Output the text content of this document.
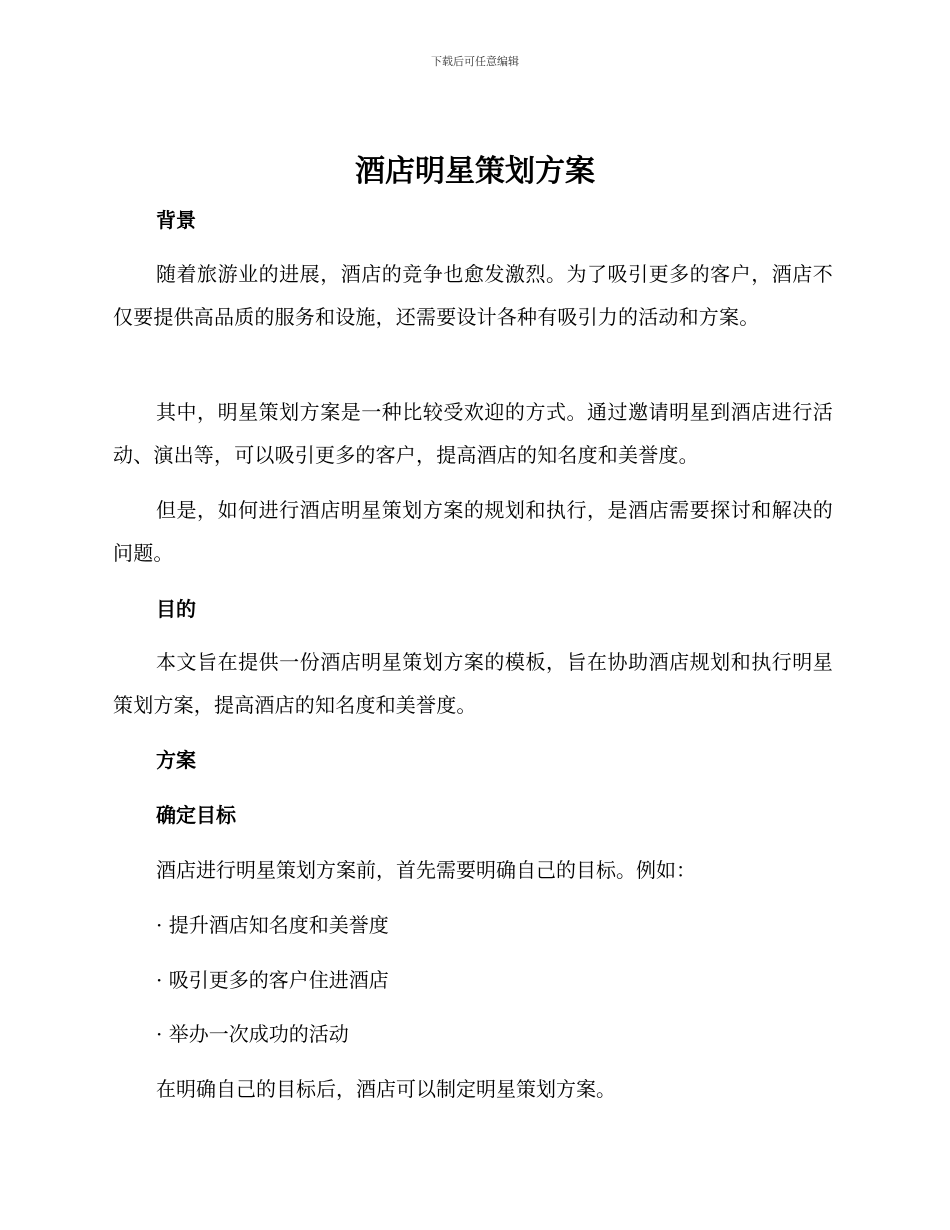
下载后可任意编辑
酒店明星策划方案
背景
随着旅游业的进展，酒店的竞争也愈发激烈。为了吸引更多的客户，酒店不仅要提供高品质的服务和设施，还需要设计各种有吸引力的活动和方案。
其中，明星策划方案是一种比较受欢迎的方式。通过邀请明星到酒店进行活动、演出等，可以吸引更多的客户，提高酒店的知名度和美誉度。
但是，如何进行酒店明星策划方案的规划和执行，是酒店需要探讨和解决的问题。
目的
本文旨在提供一份酒店明星策划方案的模板，旨在协助酒店规划和执行明星策划方案，提高酒店的知名度和美誉度。
方案
确定目标
酒店进行明星策划方案前，首先需要明确自己的目标。例如：
· 提升酒店知名度和美誉度
· 吸引更多的客户住进酒店
· 举办一次成功的活动
在明确自己的目标后，酒店可以制定明星策划方案。
